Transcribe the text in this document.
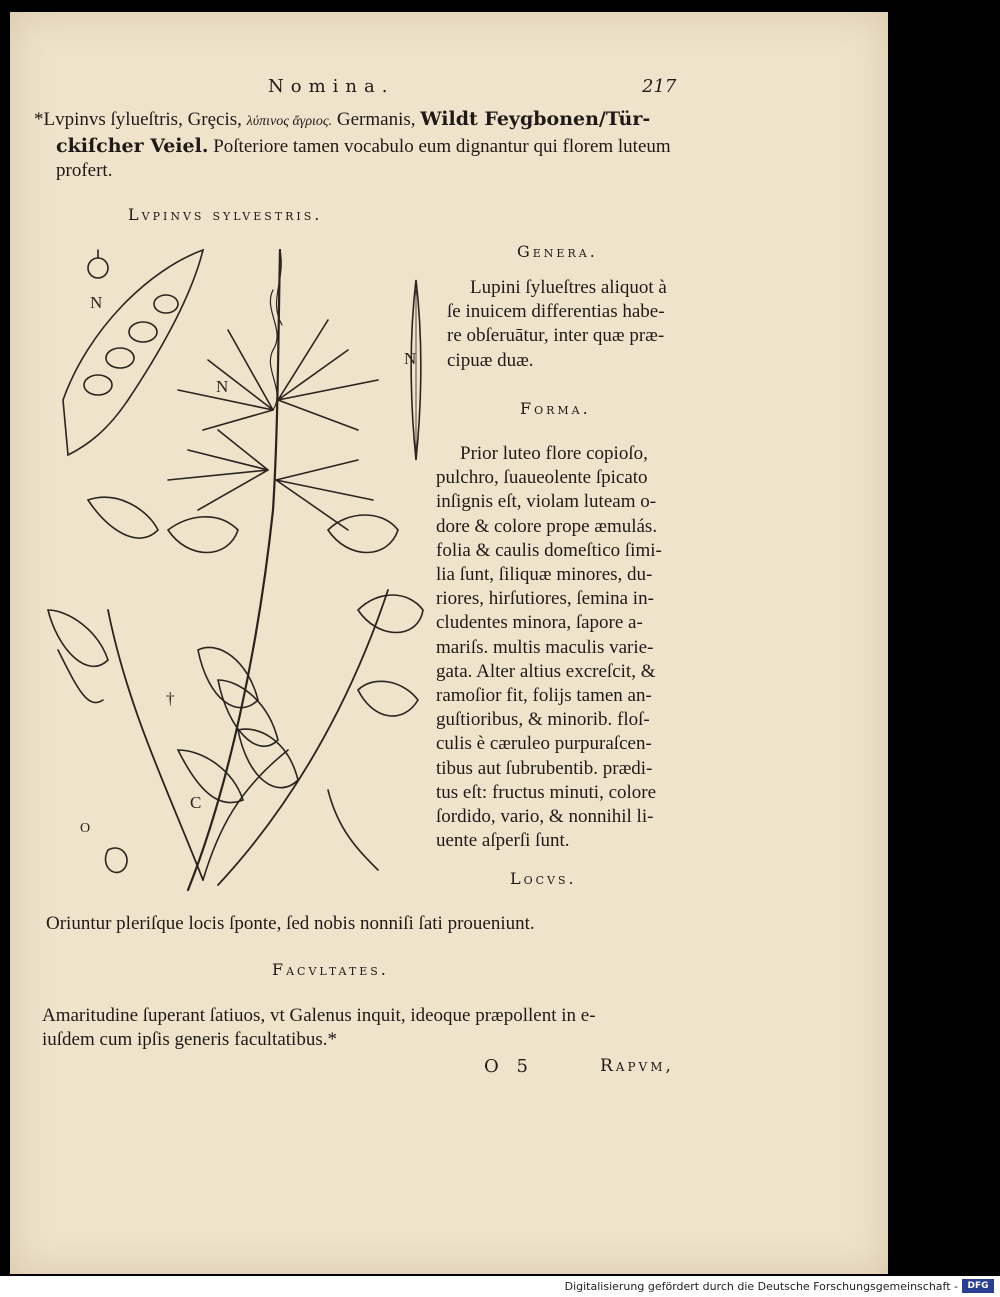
Nomina.	217
*Lvpinvs ſylueſtris, Grȩcis, λύπινος ἄγριος. Germanis, Wildt Feygbonen/Tür-
ckiſcher Veiel. Poſteriore tamen vocabulo eum dignantur qui florem luteum
profert.
Lvpinvs sylvestris.
N
N
N
†
C
O
Genera.
Lupini ſylueſtres aliquot à
ſe inuicem differentias habe-
re obſeruātur, inter quæ præ-
cipuæ duæ.
Forma.
Prior luteo flore copioſo,
pulchro, ſuaueolente ſpicato
inſignis eſt, violam luteam o-
dore & colore prope æmulás.
folia & caulis domeſtico ſimi-
lia ſunt, ſiliquæ minores, du-
riores, hirſutiores, ſemina in-
cludentes minora, ſapore a-
mariſs. multis maculis varie-
gata. Alter altius excreſcit, &
ramoſior fit, folijs tamen an-
guſtioribus, & minorib. floſ-
culis è cæruleo purpuraſcen-
tibus aut ſubrubentib. prædi-
tus eſt: fructus minuti, colore
ſordido, vario, & nonnihil li-
uente aſperſi ſunt.
Locvs.
Oriuntur pleriſque locis ſponte, ſed nobis nonniſi ſati proueniunt.
Facvltates.
Amaritudine ſuperant ſatiuos, vt Galenus inquit, ideoque præpollent in e-
iuſdem cum ipſis generis facultatibus.*
O 5	Rapvm,
Digitalisierung gefördert durch die Deutsche Forschungsgemeinschaft -	DFG
